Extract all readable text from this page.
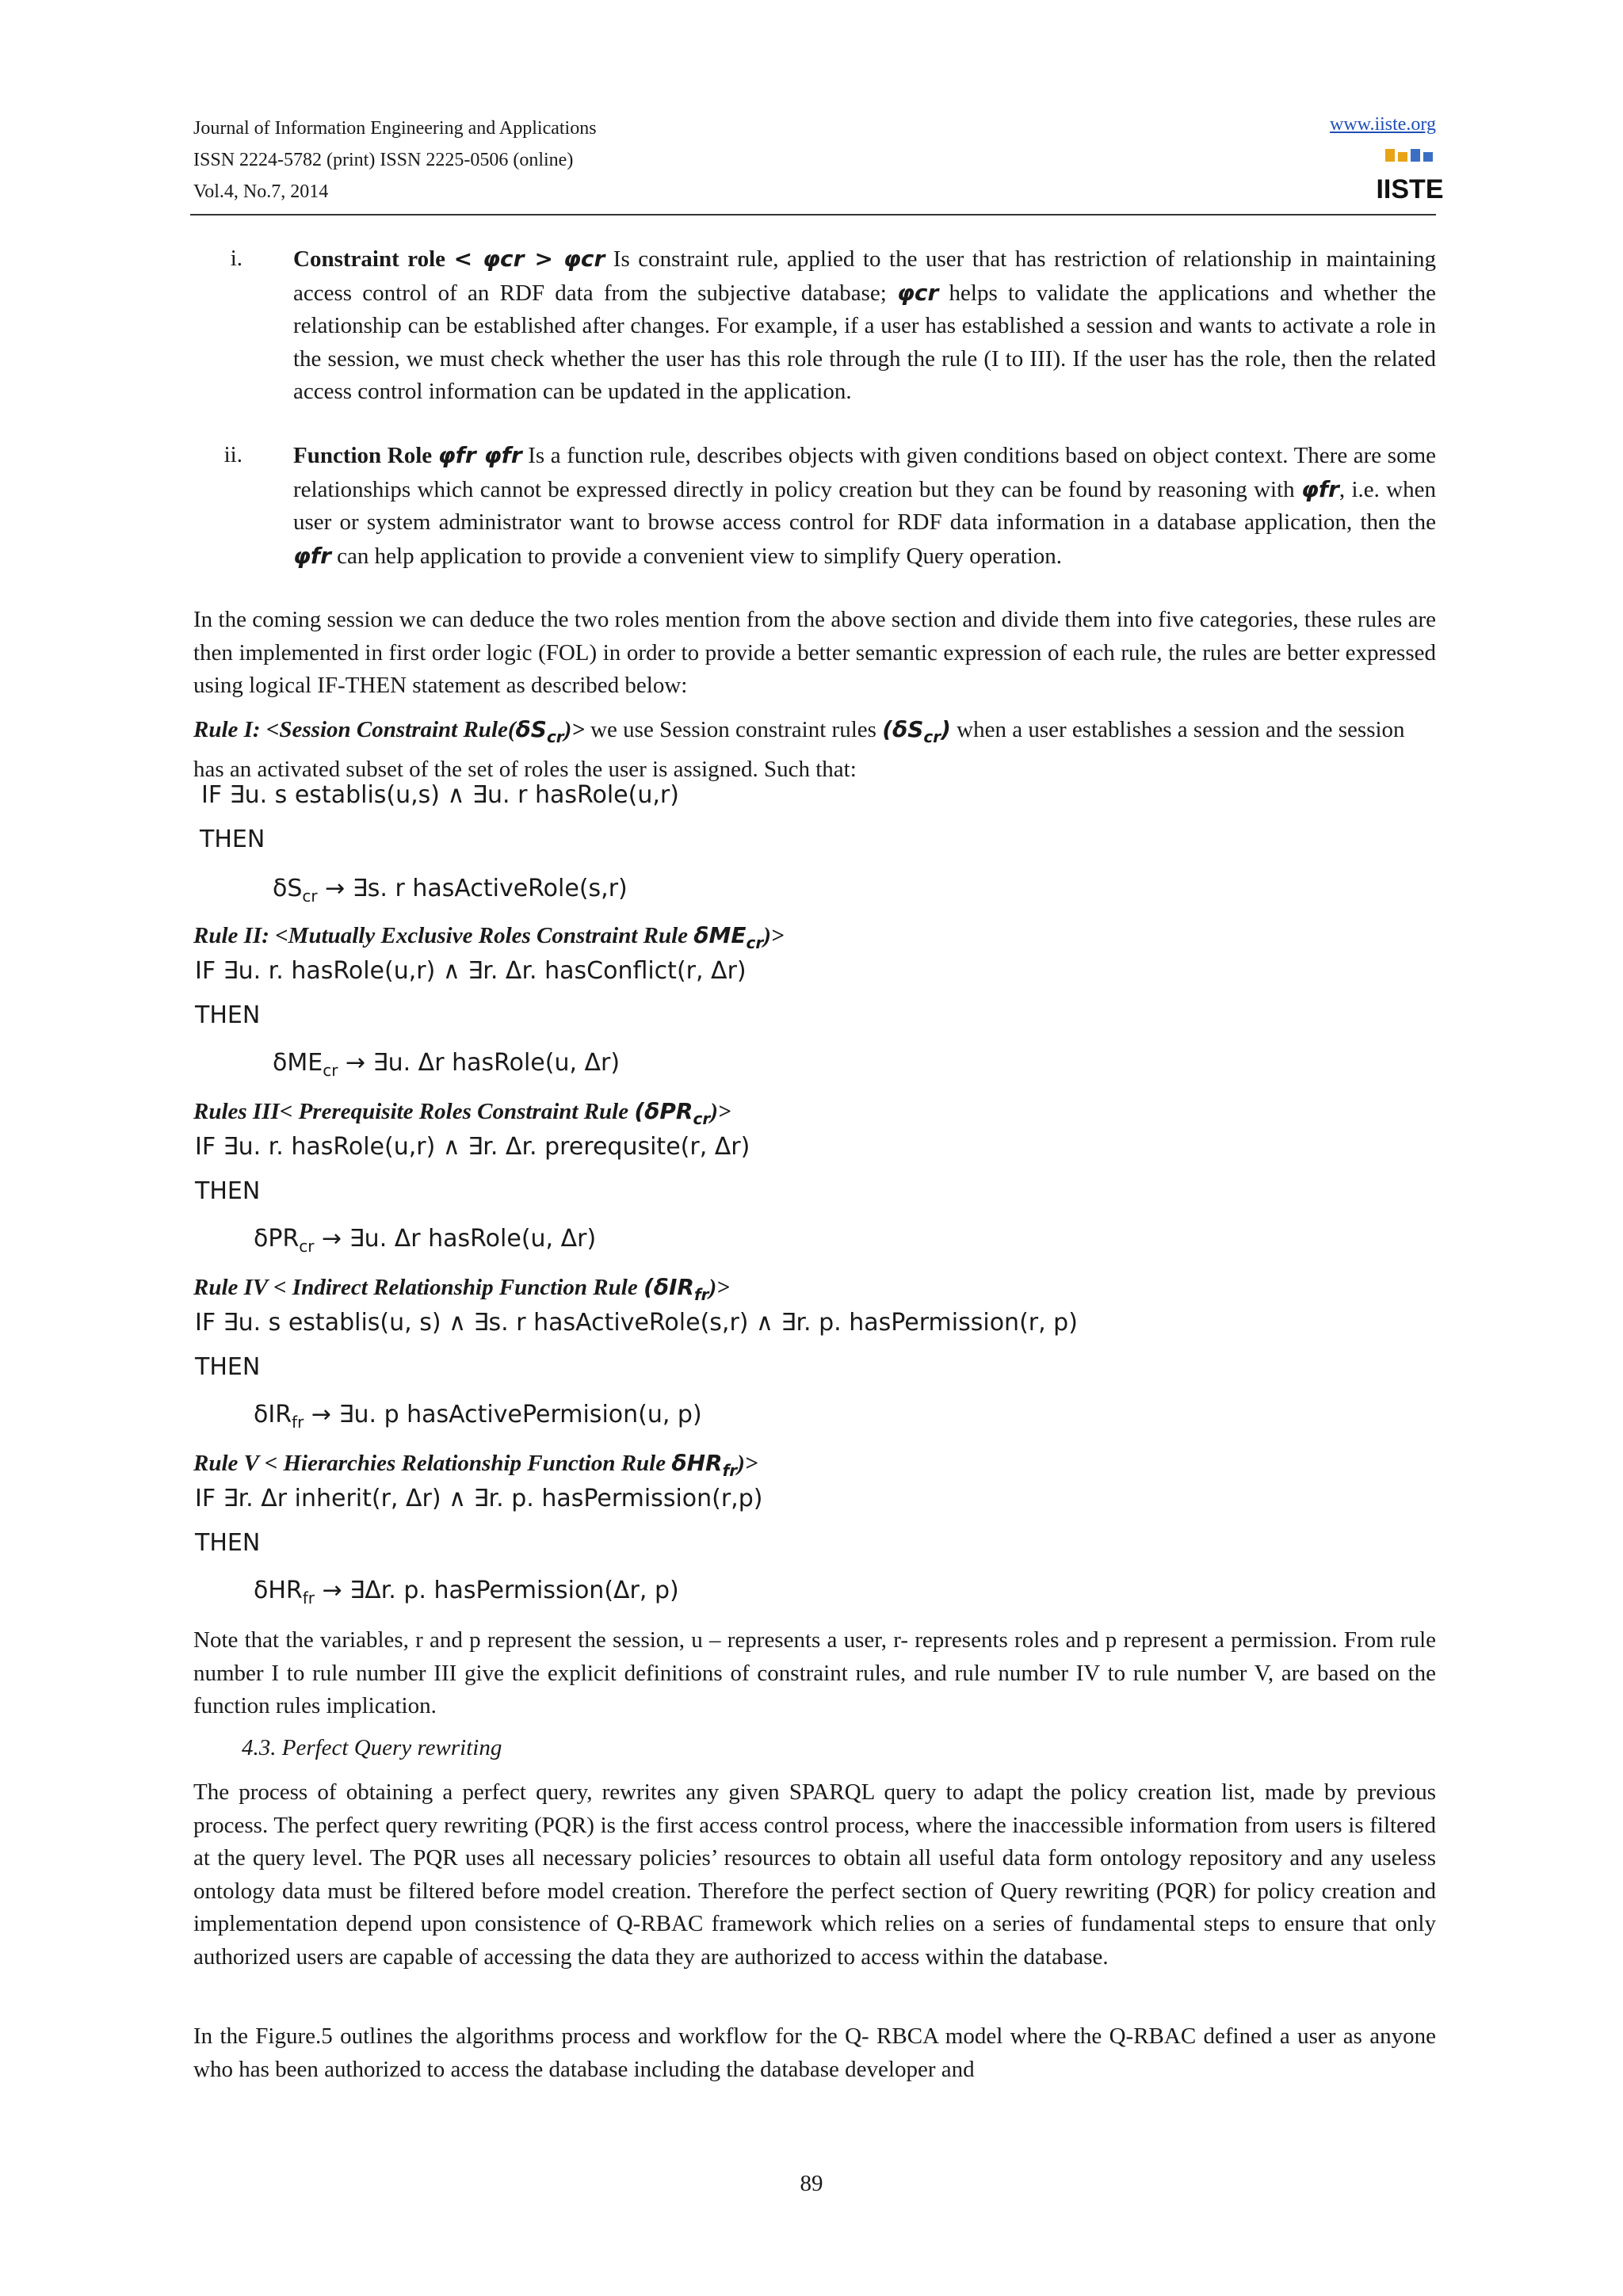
Journal of Information Engineering and Applications
ISSN 2224-5782 (print) ISSN 2225-0506 (online)
Vol.4, No.7, 2014
www.iiste.org
IISTE
i. Constraint role < φcr > φcr Is constraint rule, applied to the user that has restriction of relationship in maintaining access control of an RDF data from the subjective database; φcr helps to validate the applications and whether the relationship can be established after changes. For example, if a user has established a session and wants to activate a role in the session, we must check whether the user has this role through the rule (I to III). If the user has the role, then the related access control information can be updated in the application.
ii. Function Role φfr φfr Is a function rule, describes objects with given conditions based on object context. There are some relationships which cannot be expressed directly in policy creation but they can be found by reasoning with φfr, i.e. when user or system administrator want to browse access control for RDF data information in a database application, then the φfr can help application to provide a convenient view to simplify Query operation.
In the coming session we can deduce the two roles mention from the above section and divide them into five categories, these rules are then implemented in first order logic (FOL) in order to provide a better semantic expression of each rule, the rules are better expressed using logical IF-THEN statement as described below:
Rule I: <Session Constraint $Rule(\delta S_{cr})>$ we use Session constraint rules $(\delta S_{cr})$ when a user establishes a session and the session has an activated subset of the set of roles the user is assigned. Such that:
IF ∃u. s establis(u,s) ∧ ∃u. r hasRole(u,r)
THEN
$\delta S_{cr}$ → ∃s. r hasActiveRole(s,r)
Rule II: <Mutually Exclusive Roles Constraint Rule δME$_{cr}$)>
IF ∃u. r. hasRole(u,r) ∧ ∃r. Δr. hasConflict(r, Δr)
THEN
δME$_{cr}$ → ∃u. Δr hasRole(u, Δr)
Rules III< Prerequisite Roles Constraint Rule (δPR$_{cr}$)>
IF ∃u. r. hasRole(u,r) ∧ ∃r. Δr. prerequsite(r, Δr)
THEN
δPR$_{cr}$ → ∃u. Δr hasRole(u, Δr)
Rule IV < Indirect Relationship Function Rule (δIR$_{fr}$)>
IF ∃u. s establis(u, s) ∧ ∃s. r hasActiveRole(s,r) ∧ ∃r. p. hasPermission(r, p)
THEN
δIR$_{fr}$ → ∃u. p hasActivePermision(u, p)
Rule V < Hierarchies Relationship Function Rule δHR$_{fr}$)>
IF ∃r. Δr inherit(r, Δr) ∧ ∃r. p. hasPermission(r,p)
THEN
δHR$_{fr}$ → ∃Δr. p. hasPermission(Δr, p)
Note that the variables, r and p represent the session, u – represents a user, r- represents roles and p represent a permission. From rule number I to rule number III give the explicit definitions of constraint rules, and rule number IV to rule number V, are based on the function rules implication.
4.3. Perfect Query rewriting
The process of obtaining a perfect query, rewrites any given SPARQL query to adapt the policy creation list, made by previous process. The perfect query rewriting (PQR) is the first access control process, where the inaccessible information from users is filtered at the query level. The PQR uses all necessary policies’ resources to obtain all useful data form ontology repository and any useless ontology data must be filtered before model creation. Therefore the perfect section of Query rewriting (PQR) for policy creation and implementation depend upon consistence of Q-RBAC framework which relies on a series of fundamental steps to ensure that only authorized users are capable of accessing the data they are authorized to access within the database.
In the Figure.5 outlines the algorithms process and workflow for the Q- RBCA model where the Q-RBAC defined a user as anyone who has been authorized to access the database including the database developer and
89
